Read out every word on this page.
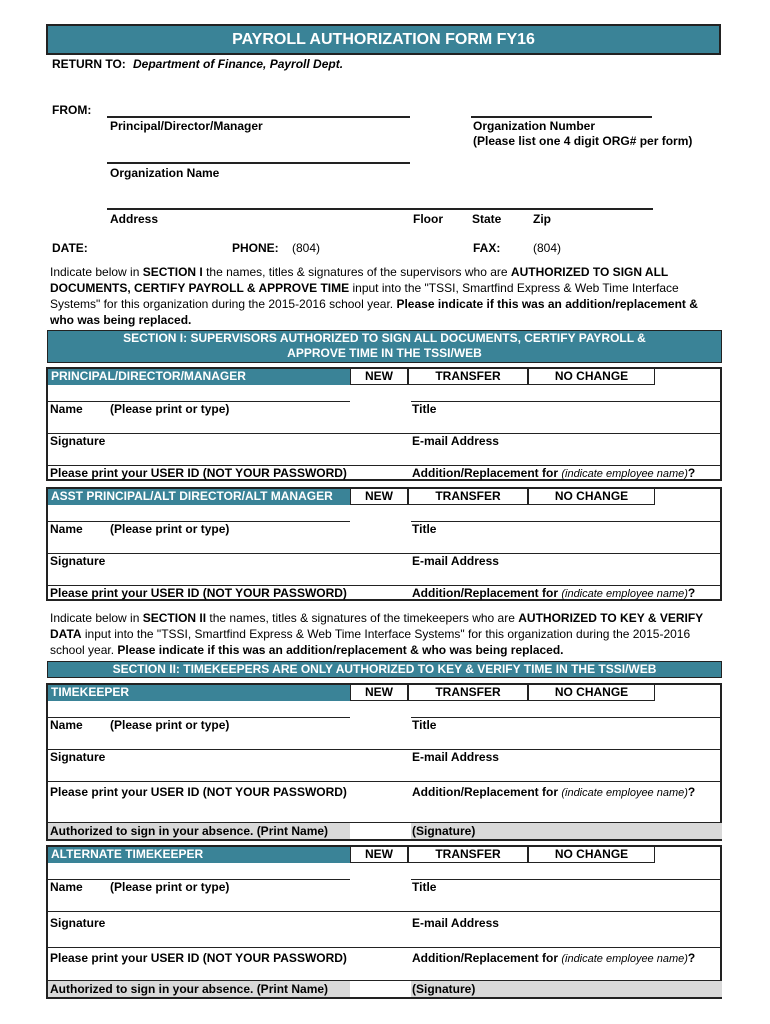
PAYROLL AUTHORIZATION FORM FY16
RETURN TO: Department of Finance, Payroll Dept.
FROM:
Principal/Director/Manager	Organization Number
(Please list one 4 digit ORG# per form)
Organization Name
Address	Floor State	Zip
DATE:	PHONE: (804)	FAX:	(804)
Indicate below in SECTION I the names, titles & signatures of the supervisors who are AUTHORIZED TO SIGN ALL DOCUMENTS, CERTIFY PAYROLL & APPROVE TIME input into the "TSSI, Smartfind Express & Web Time Interface Systems" for this organization during the 2015-2016 school year. Please indicate if this was an addition/replacement & who was being replaced.
SECTION I: SUPERVISORS AUTHORIZED TO SIGN ALL DOCUMENTS, CERTIFY PAYROLL & APPROVE TIME IN THE TSSI/WEB
PRINCIPAL/DIRECTOR/MANAGER	NEW	TRANSFER	NO CHANGE
Name (Please print or type)	Title
Signature	E-mail Address
Please print your USER ID (NOT YOUR PASSWORD)	Addition/Replacement for (indicate employee name)?
ASST PRINCIPAL/ALT DIRECTOR/ALT MANAGER	NEW	TRANSFER	NO CHANGE
Name (Please print or type)	Title
Signature	E-mail Address
Please print your USER ID (NOT YOUR PASSWORD)	Addition/Replacement for (indicate employee name)?
Indicate below in SECTION II the names, titles & signatures of the timekeepers who are AUTHORIZED TO KEY & VERIFY DATA input into the "TSSI, Smartfind Express & Web Time Interface Systems" for this organization during the 2015-2016 school year. Please indicate if this was an addition/replacement & who was being replaced.
SECTION II: TIMEKEEPERS ARE ONLY AUTHORIZED TO KEY & VERIFY TIME IN THE TSSI/WEB
TIMEKEEPER	NEW	TRANSFER	NO CHANGE
Name (Please print or type)	Title
Signature	E-mail Address
Please print your USER ID (NOT YOUR PASSWORD)	Addition/Replacement for (indicate employee name)?
Authorized to sign in your absence. (Print Name)	(Signature)
ALTERNATE TIMEKEEPER	NEW	TRANSFER	NO CHANGE
Name (Please print or type)	Title
Signature	E-mail Address
Please print your USER ID (NOT YOUR PASSWORD)	Addition/Replacement for (indicate employee name)?
Authorized to sign in your absence. (Print Name)	(Signature)
